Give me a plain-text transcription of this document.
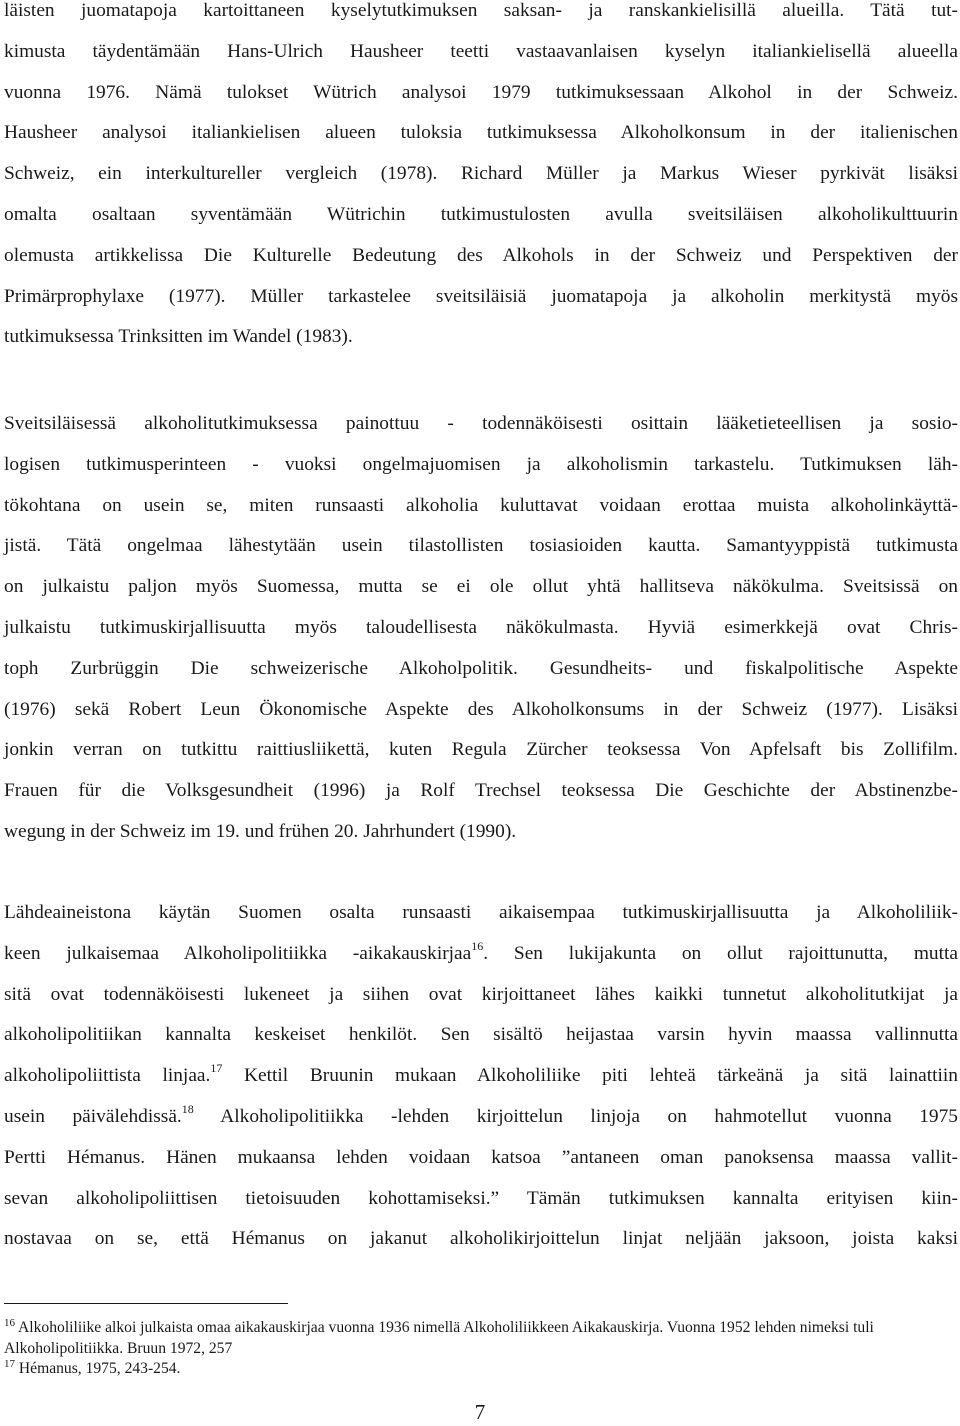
läisten juomatapoja kartoittaneen kyselytutkimuksen saksan- ja ranskankielisillä alueilla. Tätä tut-
kimusta täydentämään Hans-Ulrich Hausheer teetti vastaavanlaisen kyselyn italiankielisellä alueella
vuonna 1976. Nämä tulokset Wütrich analysoi 1979 tutkimuksessaan Alkohol in der Schweiz.
Hausheer analysoi italiankielisen alueen tuloksia tutkimuksessa Alkoholkonsum in der italienischen
Schweiz, ein interkultureller vergleich (1978). Richard Müller ja Markus Wieser pyrkivät lisäksi
omalta osaltaan syventämään Wütrichin tutkimustulosten avulla sveitsiläisen alkoholikulttuurin
olemusta artikkelissa Die Kulturelle Bedeutung des Alkohols in der Schweiz und Perspektiven der
Primärprophylaxe (1977). Müller tarkastelee sveitsiläisiä juomatapoja ja alkoholin merkitystä myös
tutkimuksessa Trinksitten im Wandel (1983).
Sveitsiläisessä alkoholitutkimuksessa painottuu - todennäköisesti osittain lääketieteellisen ja sosio-
logisen tutkimusperinteen - vuoksi ongelmajuomisen ja alkoholismin tarkastelu. Tutkimuksen läh-
tökohtana on usein se, miten runsaasti alkoholia kuluttavat voidaan erottaa muista alkoholinkäyttä-
jistä. Tätä ongelmaa lähestytään usein tilastollisten tosiasioiden kautta. Samantyyppistä tutkimusta
on julkaistu paljon myös Suomessa, mutta se ei ole ollut yhtä hallitseva näkökulma. Sveitsissä on
julkaistu tutkimuskirjallisuutta myös taloudellisesta näkökulmasta. Hyviä esimerkkejä ovat Chris-
toph Zurbrüggin Die schweizerische Alkoholpolitik. Gesundheits- und fiskalpolitische Aspekte
(1976) sekä Robert Leun Ökonomische Aspekte des Alkoholkonsums in der Schweiz (1977). Lisäksi
jonkin verran on tutkittu raittiusliikettä, kuten Regula Zürcher teoksessa Von Apfelsaft bis Zollifilm.
Frauen für die Volksgesundheit (1996) ja Rolf Trechsel teoksessa Die Geschichte der Abstinenzbe-
wegung in der Schweiz im 19. und frühen 20. Jahrhundert (1990).
Lähdeaineistona käytän Suomen osalta runsaasti aikaisempaa tutkimuskirjallisuutta ja Alkoholiliik-
keen julkaisemaa Alkoholipolitiikka -aikakauskirjaa$^{16}$. Sen lukijakunta on ollut rajoittunutta, mutta
sitä ovat todennäköisesti lukeneet ja siihen ovat kirjoittaneet lähes kaikki tunnetut alkoholitutkijat ja
alkoholipolitiikan kannalta keskeiset henkilöt. Sen sisältö heijastaa varsin hyvin maassa vallinnutta
alkoholipoliittista linjaa.$^{17}$ Kettil Bruunin mukaan Alkoholiliike piti lehteä tärkeänä ja sitä lainattiin
usein päivälehdissä.$^{18}$ Alkoholipolitiikka -lehden kirjoittelun linjoja on hahmotellut vuonna 1975
Pertti Hémanus. Hänen mukaansa lehden voidaan katsoa ”antaneen oman panoksensa maassa vallit-
sevan alkoholipoliittisen tietoisuuden kohottamiseksi.” Tämän tutkimuksen kannalta erityisen kiin-
nostavaa on se, että Hémanus on jakanut alkoholikirjoittelun linjat neljään jaksoon, joista kaksi

$^{16}$ Alkoholiliike alkoi julkaista omaa aikakauskirjaa vuonna 1936 nimellä Alkoholiliikkeen Aikakauskirja. Vuonna 1952 lehden nimeksi tuli Alkoholipolitiikka. Bruun 1972, 257

$^{17}$ Hémanus, 1975, 243-254.

7
